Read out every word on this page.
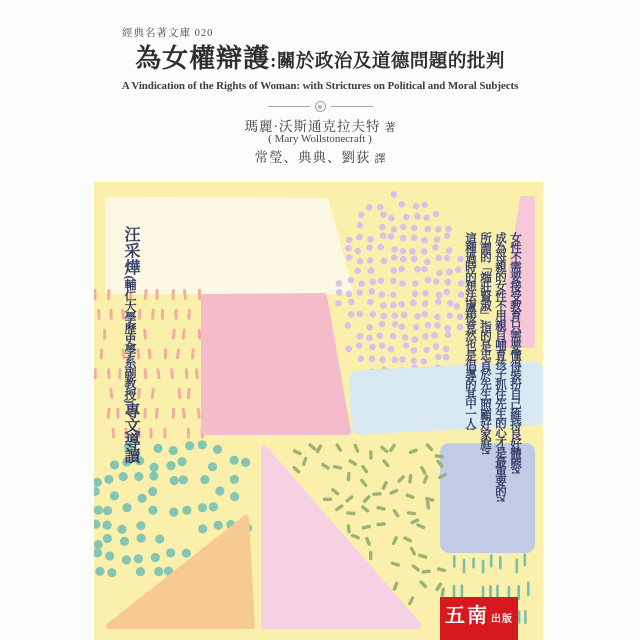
經典名著文庫 020
為女權辯護:關於政治及道德問題的批判
A Vindication of the Rights of Woman: with Strictures on Political and Moral Subjects
瑪麗·沃斯通克拉夫特 著
( Mary Wollstonecraft )
常瑩、典典、劉荻 譯
汪采燁(輔仁大學歷史學系副教授)專文導讀	女性不需要接受教育,只需要懂得裝扮自己,維持良好體態?!

成為母親的女性不用親自哺育孩子,抓住先生的心才是最重要的?!

所謂的「端莊賢淑」,指的是忠貞於先生,照顧好家庭?!

這種過時的想法,盧梭竟然也是倡導的其中一人!

五南 出版
